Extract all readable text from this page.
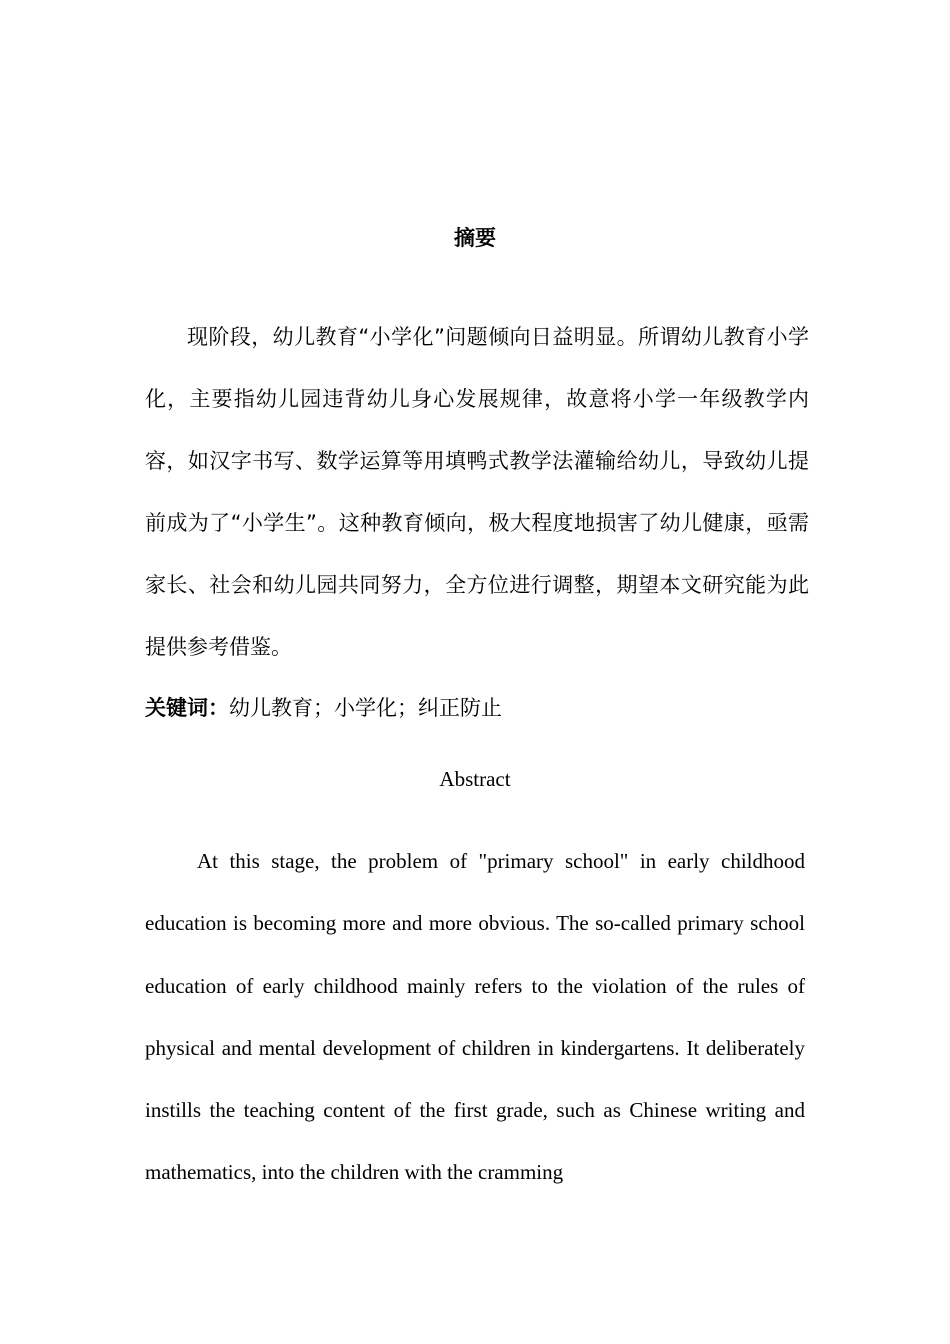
摘要

现阶段，幼儿教育“小学化”问题倾向日益明显。所谓幼儿教育小学化，主要指幼儿园违背幼儿身心发展规律，故意将小学一年级教学内容，如汉字书写、数学运算等用填鸭式教学法灌输给幼儿，导致幼儿提前成为了“小学生”。这种教育倾向，极大程度地损害了幼儿健康，亟需家长、社会和幼儿园共同努力，全方位进行调整，期望本文研究能为此提供参考借鉴。

关键词：幼儿教育；小学化；纠正防止
Abstract

At this stage, the problem of "primary school" in early childhood education is becoming more and more obvious. The so-called primary school education of early childhood mainly refers to the violation of the rules of physical and mental development of children in kindergartens. It deliberately instills the teaching content of the first grade, such as Chinese writing and mathematics, into the children with the cramming
